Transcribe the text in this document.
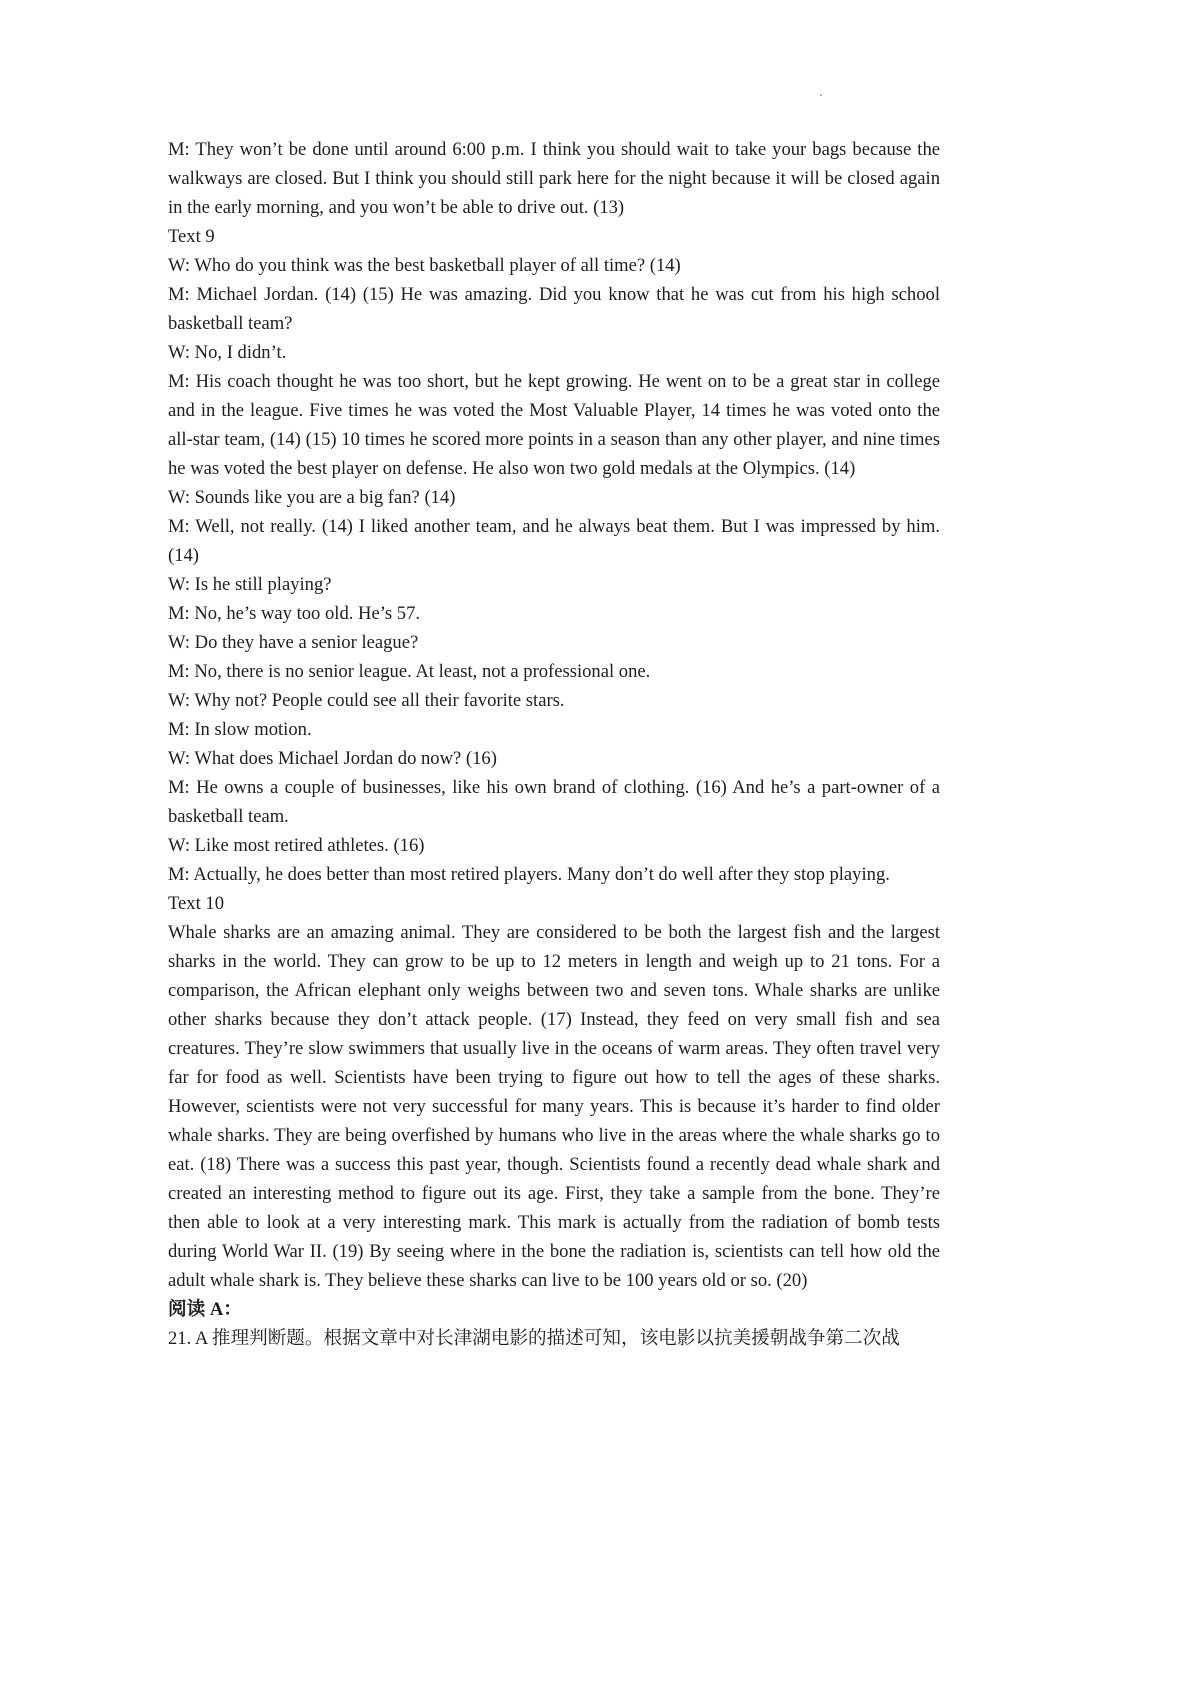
M: They won’t be done until around 6:00 p.m. I think you should wait to take your bags because the walkways are closed. But I think you should still park here for the night because it will be closed again in the early morning, and you won’t be able to drive out. (13)

Text 9

W: Who do you think was the best basketball player of all time? (14)

M: Michael Jordan. (14) (15) He was amazing. Did you know that he was cut from his high school basketball team?

W: No, I didn’t.

M: His coach thought he was too short, but he kept growing. He went on to be a great star in college and in the league. Five times he was voted the Most Valuable Player, 14 times he was voted onto the all-star team, (14) (15) 10 times he scored more points in a season than any other player, and nine times he was voted the best player on defense. He also won two gold medals at the Olympics. (14)

W: Sounds like you are a big fan? (14)

M: Well, not really. (14) I liked another team, and he always beat them. But I was impressed by him. (14)

W: Is he still playing?

M: No, he’s way too old. He’s 57.

W: Do they have a senior league?

M: No, there is no senior league. At least, not a professional one.

W: Why not? People could see all their favorite stars.

M: In slow motion.

W: What does Michael Jordan do now? (16)

M: He owns a couple of businesses, like his own brand of clothing. (16) And he’s a part-owner of a basketball team.

W: Like most retired athletes. (16)

M: Actually, he does better than most retired players. Many don’t do well after they stop playing.

Text 10

Whale sharks are an amazing animal. They are considered to be both the largest fish and the largest sharks in the world. They can grow to be up to 12 meters in length and weigh up to 21 tons. For a comparison, the African elephant only weighs between two and seven tons. Whale sharks are unlike other sharks because they don’t attack people. (17) Instead, they feed on very small fish and sea creatures. They’re slow swimmers that usually live in the oceans of warm areas. They often travel very far for food as well. Scientists have been trying to figure out how to tell the ages of these sharks. However, scientists were not very successful for many years. This is because it’s harder to find older whale sharks. They are being overfished by humans who live in the areas where the whale sharks go to eat. (18) There was a success this past year, though. Scientists found a recently dead whale shark and created an interesting method to figure out its age. First, they take a sample from the bone. They’re then able to look at a very interesting mark. This mark is actually from the radiation of bomb tests during World War II. (19) By seeing where in the bone the radiation is, scientists can tell how old the adult whale shark is. They believe these sharks can live to be 100 years old or so. (20)

阅读 A：

21. A 推理判断题。根据文章中对长津湖电影的描述可知，该电影以抗美援朝战争第二次战
